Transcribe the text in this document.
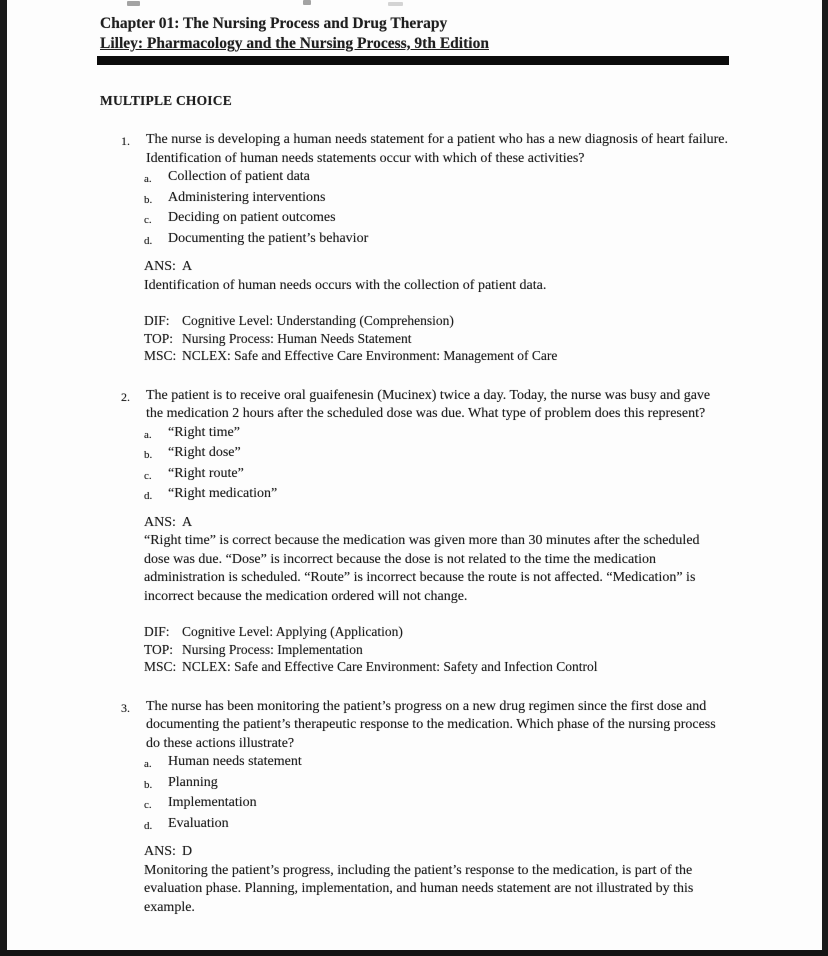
Chapter 01: The Nursing Process and Drug Therapy
Lilley: Pharmacology and the Nursing Process, 9th Edition
MULTIPLE CHOICE
1.	The nurse is developing a human needs statement for a patient who has a new diagnosis of heart failure. Identification of human needs statements occur with which of these activities?

a.	Collection of patient data
b.	Administering interventions
c.	Deciding on patient outcomes
d.	Documenting the patient’s behavior
ANS: A

Identification of human needs occurs with the collection of patient data.

DIF: Cognitive Level: Understanding (Comprehension)
TOP: Nursing Process: Human Needs Statement
MSC: NCLEX: Safe and Effective Care Environment: Management of Care
2.	The patient is to receive oral guaifenesin (Mucinex) twice a day. Today, the nurse was busy and gave the medication 2 hours after the scheduled dose was due. What type of problem does this represent?

a.	“Right time”
b.	“Right dose”
c.	“Right route”
d.	“Right medication”
ANS: A

“Right time” is correct because the medication was given more than 30 minutes after the scheduled dose was due. “Dose” is incorrect because the dose is not related to the time the medication administration is scheduled. “Route” is incorrect because the route is not affected. “Medication” is incorrect because the medication ordered will not change.

DIF: Cognitive Level: Applying (Application)
TOP: Nursing Process: Implementation
MSC: NCLEX: Safe and Effective Care Environment: Safety and Infection Control
3.	The nurse has been monitoring the patient’s progress on a new drug regimen since the first dose and documenting the patient’s therapeutic response to the medication. Which phase of the nursing process do these actions illustrate?

a.	Human needs statement
b.	Planning
c.	Implementation
d.	Evaluation
ANS: D

Monitoring the patient’s progress, including the patient’s response to the medication, is part of the evaluation phase. Planning, implementation, and human needs statement are not illustrated by this example.
